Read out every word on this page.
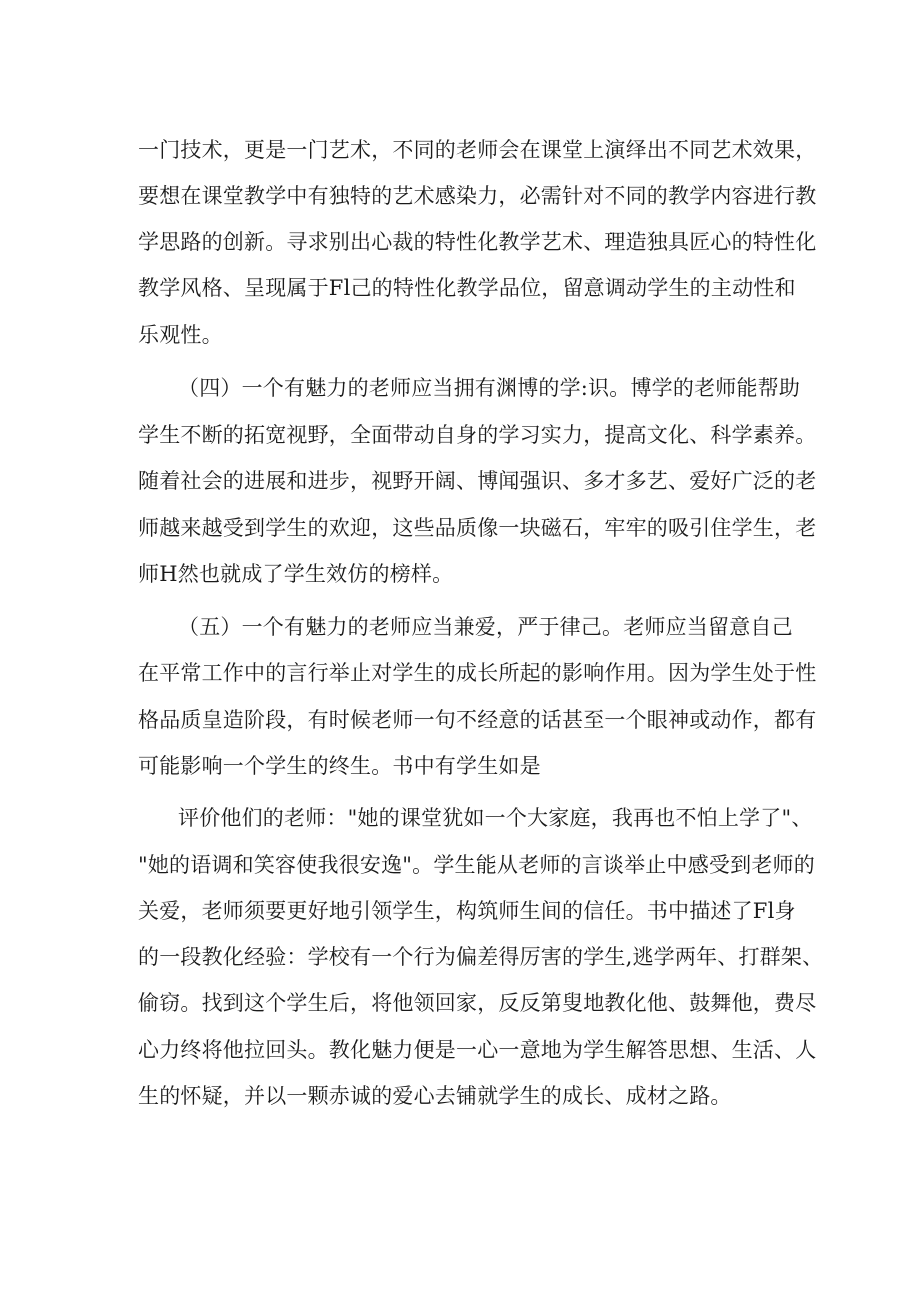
一门技术，更是一门艺术，不同的老师会在课堂上演绎出不同艺术效果，
要想在课堂教学中有独特的艺术感染力，必需针对不同的教学内容进行教
学思路的创新。寻求别出心裁的特性化教学艺术、理造独具匠心的特性化
教学风格、呈现属于Fl己的特性化教学品位，留意调动学生的主动性和
乐观性。
（四）一个有魅力的老师应当拥有渊博的学:识。博学的老师能帮助
学生不断的拓宽视野，全面带动自身的学习实力，提高文化、科学素养。
随着社会的进展和进步，视野开阔、博闻强识、多才多艺、爱好广泛的老
师越来越受到学生的欢迎，这些品质像一块磁石，牢牢的吸引住学生，老
师H然也就成了学生效仿的榜样。
（五）一个有魅力的老师应当兼爱，严于律己。老师应当留意自己
在平常工作中的言行举止对学生的成长所起的影响作用。因为学生处于性
格品质皇造阶段，有时候老师一句不经意的话甚至一个眼神或动作，都有
可能影响一个学生的终生。书中有学生如是
评价他们的老师："她的课堂犹如一个大家庭，我再也不怕上学了"、
"她的语调和笑容使我很安逸"。学生能从老师的言谈举止中感受到老师的
关爱，老师须要更好地引领学生，构筑师生间的信任。书中描述了Fl身
的一段教化经验：学校有一个行为偏差得厉害的学生,逃学两年、打群架、
偷窃。找到这个学生后，将他领回家，反反第叟地教化他、鼓舞他，费尽
心力终将他拉回头。教化魅力便是一心一意地为学生解答思想、生活、人
生的怀疑，并以一颗赤诚的爱心去铺就学生的成长、成材之路。
